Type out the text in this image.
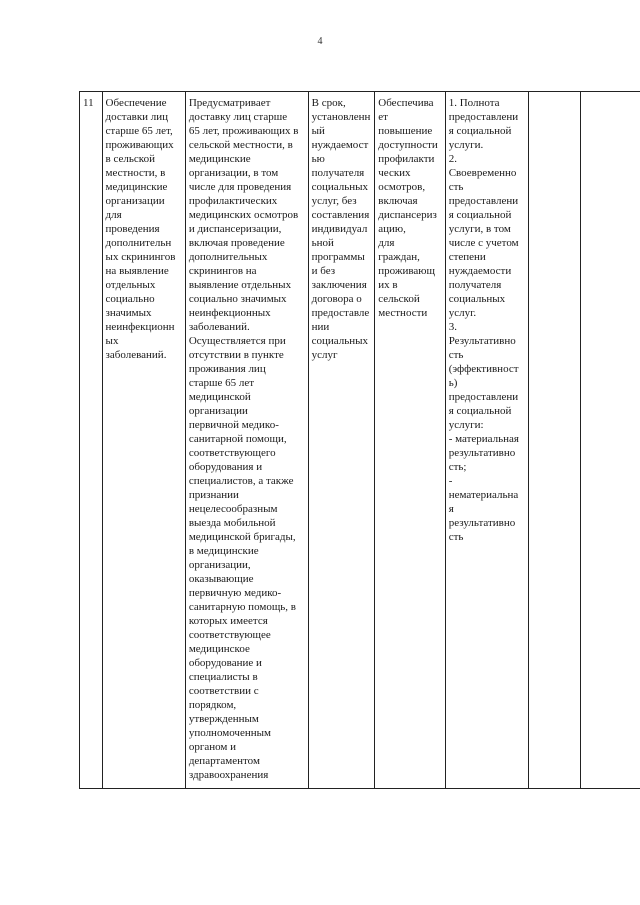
4
11	Обеспечение
доставки лиц
старше 65 лет,
проживающих
в сельской
местности, в
медицинские
организации
для
проведения
дополнительн
ых скринингов
на выявление
отдельных
социально
значимых
неинфекционн
ых
заболеваний.	Предусматривает
доставку лиц старше
65 лет, проживающих в
сельской местности, в
медицинские
организации, в том
числе для проведения
профилактических
медицинских осмотров
и диспансеризации,
включая проведение
дополнительных
скринингов на
выявление отдельных
социально значимых
неинфекционных
заболеваний.
Осуществляется при
отсутствии в пункте
проживания лиц
старше 65 лет
медицинской
организации
первичной медико-
санитарной помощи,
соответствующего
оборудования и
специалистов, а также
признании
нецелесообразным
выезда мобильной
медицинской бригады,
в медицинские
организации,
оказывающие
первичную медико-
санитарную помощь, в
которых имеется
соответствующее
медицинское
оборудование и
специалисты в
соответствии с
порядком,
утвержденным
уполномоченным
органом и
департаментом
здравоохранения	В срок,
установленн
ый
нуждаемост
ью
получателя
социальных
услуг, без
составления
индивидуал
ьной
программы
и без
заключения
договора о
предоставле
нии
социальных
услуг	Обеспечива
ет
повышение
доступности
профилакти
ческих
осмотров,
включая
диспансериз
ацию,
для
граждан,
проживающ
их в
сельской
местности	1. Полнота
предоставлени
я социальной
услуги.
2.
Своевременно
сть
предоставлени
я социальной
услуги, в том
числе с учетом
степени
нуждаемости
получателя
социальных
услуг.
3.
Результативно
сть
(эффективност
ь)
предоставлени
я социальной
услуги:
- материальная
результативно
сть;
-
нематериальна
я
результативно
сть		
